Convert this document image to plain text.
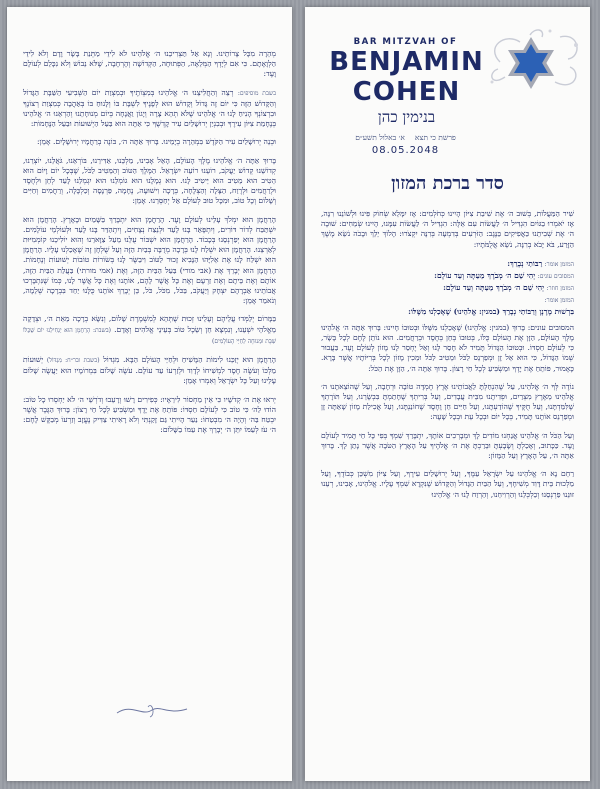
BAR MITZVAH OF
BENJAMIN
COHEN
בנימין כהן
פרשת כי תצא
א׳ באלול תשע״ם
08.05.2048
סדר ברכת המזון

שִׁיר הַמַּעֲלוֹת, בְּשׁוּב ה׳ אֶת שִׁיבַת צִיּוֹן הָיִינוּ כְּחֹלְמִים: אָז יִמָּלֵא שְׂחוֹק פִּינוּ וּלְשׁוֹנֵנוּ רִנָּה, אָז יֹאמְרוּ בַגּוֹיִם הִגְדִּיל ה׳ לַעֲשׂוֹת עִם אֵלֶּה: הִגְדִּיל ה׳ לַעֲשׂוֹת עִמָּנוּ, הָיִינוּ שְׂמֵחִים: שׁוּבָה ה׳ אֶת שְׁבִיתֵנוּ כַּאֲפִיקִים בַּנֶּגֶב: הַזֹּרְעִים בְּדִמְעָה בְּרִנָּה יִקְצֹרוּ: הָלוֹךְ יֵלֵךְ וּבָכֹה נֹשֵׂא מֶשֶׁךְ הַזָּרַע, בֹּא יָבֹא בְרִנָּה, נֹשֵׂא אֲלֻמֹּתָיו:

המזמן אומר: רַבּוֹתַי נְבָרֵךְ:
המסובים עונים: יְהִי שֵׁם ה׳ מְבֹרָךְ מֵעַתָּה וְעַד עוֹלָם:
המזמן חוזר: יְהִי שֵׁם ה׳ מְבֹרָךְ מֵעַתָּה וְעַד עוֹלָם:
המזמן אומר:
בִּרְשׁוּת מָרָנָן וְרַבּוֹתַי נְבָרֵךְ (במנין: אֱלֹהֵינוּ) שֶׁאָכַלְנוּ מִשֶּׁלּוֹ:

המסובים עונים: בָּרוּךְ (במנין: אֱלֹהֵינוּ) שֶׁאָכַלְנוּ מִשֶּׁלּוֹ וּבְטוּבוֹ חָיִינוּ: בָּרוּךְ אַתָּה ה׳ אֱלֹהֵינוּ מֶלֶךְ הָעוֹלָם, הַזָּן אֶת הָעוֹלָם כֻּלּוֹ, בְּטוּבוֹ בְּחֵן בְּחֶסֶד וּבְרַחֲמִים. הוּא נוֹתֵן לֶחֶם לְכָל בָּשָׂר, כִּי לְעוֹלָם חַסְדּוֹ. וּבְטוּבוֹ הַגָּדוֹל תָּמִיד לֹא חָסַר לָנוּ וְאַל יֶחְסַר לָנוּ מָזוֹן לְעוֹלָם וָעֶד, בַּעֲבוּר שְׁמוֹ הַגָּדוֹל, כִּי הוּא אֵל זָן וּמְפַרְנֵס לַכֹּל וּמֵטִיב לַכֹּל וּמֵכִין מָזוֹן לְכָל בְּרִיּוֹתָיו אֲשֶׁר בָּרָא. כָּאָמוּר, פּוֹתֵחַ אֶת יָדֶךָ וּמַשְׂבִּיעַ לְכָל חַי רָצוֹן. בָּרוּךְ אַתָּה ה׳, הַזָּן אֶת הַכֹּל:

נוֹדֶה לְּךָ ה׳ אֱלֹהֵינוּ, עַל שֶׁהִנְחַלְתָּ לַאֲבוֹתֵינוּ אֶרֶץ חֶמְדָּה טוֹבָה וּרְחָבָה, וְעַל שֶׁהוֹצֵאתָנוּ ה׳ אֱלֹהֵינוּ מֵאֶרֶץ מִצְרַיִם, וּפְדִיתָנוּ מִבֵּית עֲבָדִים, וְעַל בְּרִיתְךָ שֶׁחָתַמְתָּ בִּבְשָׂרֵנוּ, וְעַל תּוֹרָתְךָ שֶׁלִּמַּדְתָּנוּ, וְעַל חֻקֶּיךָ שֶׁהוֹדַעְתָּנוּ, וְעַל חַיִּים חֵן וָחֶסֶד שֶׁחוֹנַנְתָּנוּ, וְעַל אֲכִילַת מָזוֹן שָׁאַתָּה זָן וּמְפַרְנֵס אוֹתָנוּ תָּמִיד, בְּכָל יוֹם וּבְכָל עֵת וּבְכָל שָׁעָה:

וְעַל הַכֹּל ה׳ אֱלֹהֵינוּ אֲנַחְנוּ מוֹדִים לָךְ וּמְבָרְכִים אוֹתָךְ, יִתְבָּרַךְ שִׁמְךָ בְּפִי כָּל חַי תָּמִיד לְעוֹלָם וָעֶד. כַּכָּתוּב, וְאָכַלְתָּ וְשָׂבָעְתָּ וּבֵרַכְתָּ אֶת ה׳ אֱלֹהֶיךָ עַל הָאָרֶץ הַטֹּבָה אֲשֶׁר נָתַן לָךְ. בָּרוּךְ אַתָּה ה׳, עַל הָאָרֶץ וְעַל הַמָּזוֹן:

רַחֵם נָא ה׳ אֱלֹהֵינוּ עַל יִשְׂרָאֵל עַמֶּךָ, וְעַל יְרוּשָׁלַיִם עִירֶךָ, וְעַל צִיּוֹן מִשְׁכַּן כְּבוֹדֶךָ, וְעַל מַלְכוּת בֵּית דָּוִד מְשִׁיחֶךָ, וְעַל הַבַּיִת הַגָּדוֹל וְהַקָּדוֹשׁ שֶׁנִּקְרָא שִׁמְךָ עָלָיו. אֱלֹהֵינוּ, אָבִינוּ, רְעֵנוּ זוּנֵנוּ פַרְנְסֵנוּ וְכַלְכְּלֵנוּ וְהַרְוִיחֵנוּ, וְהַרְוַח לָנוּ ה׳ אֱלֹהֵינוּ

מְהֵרָה מִכָּל צָרוֹתֵינוּ. וְנָא אַל תַּצְרִיכֵנוּ ה׳ אֱלֹהֵינוּ לֹא לִידֵי מַתְּנַת בָּשָׂר וָדָם וְלֹא לִידֵי הַלְוָאָתָם. כִּי אִם לְיָדְךָ הַמְּלֵאָה, הַפְּתוּחָה, הַקְּדוֹשָׁה וְהָרְחָבָה, שֶׁלֹּא נֵבוֹשׁ וְלֹא נִכָּלֵם לְעוֹלָם וָעֶד:

בשבת מוסיפים: רְצֵה וְהַחֲלִיצֵנוּ ה׳ אֱלֹהֵינוּ בְּמִצְוֹתֶיךָ וּבְמִצְוַת יוֹם הַשְּׁבִיעִי הַשַּׁבָּת הַגָּדוֹל וְהַקָּדוֹשׁ הַזֶּה כִּי יוֹם זֶה גָּדוֹל וְקָדוֹשׁ הוּא לְפָנֶיךָ לִשְׁבָּת בּוֹ וְלָנוּחַ בּוֹ בְּאַהֲבָה כְּמִצְוַת רְצוֹנֶךָ וּבִרְצוֹנְךָ הָנִיחַ לָנוּ ה׳ אֱלֹהֵינוּ שֶׁלֹּא תְהֵא צָרָה וְיָגוֹן וַאֲנָחָה בְּיוֹם מְנוּחָתֵנוּ וְהַרְאֵנוּ ה׳ אֱלֹהֵינוּ בְּנֶחָמַת צִיּוֹן עִירֶךָ וּבְבִנְיַן יְרוּשָׁלַיִם עִיר קָדְשֶׁךָ כִּי אַתָּה הוּא בַּעַל הַיְשׁוּעוֹת וּבַעַל הַנֶּחָמוֹת:

וּבְנֵה יְרוּשָׁלַיִם עִיר הַקֹּדֶשׁ בִּמְהֵרָה בְיָמֵינוּ. בָּרוּךְ אַתָּה ה׳, בּוֹנֶה בְרַחֲמָיו יְרוּשָׁלָיִם. אָמֵן:

בָּרוּךְ אַתָּה ה׳ אֱלֹהֵינוּ מֶלֶךְ הָעוֹלָם, הָאֵל אָבִינוּ, מַלְכֵּנוּ, אַדִּירֵנוּ, בּוֹרְאֵנוּ, גֹּאֲלֵנוּ, יוֹצְרֵנוּ, קְדוֹשֵׁנוּ קְדוֹשׁ יַעֲקֹב, רוֹעֵנוּ רוֹעֵה יִשְׂרָאֵל. הַמֶּלֶךְ הַטּוֹב וְהַמֵּטִיב לַכֹּל, שֶׁבְּכָל יוֹם וָיוֹם הוּא הֵטִיב הוּא מֵטִיב הוּא יֵיטִיב לָנוּ. הוּא גְמָלָנוּ הוּא גוֹמְלֵנוּ הוּא יִגְמְלֵנוּ לָעַד לְחֵן וּלְחֶסֶד וּלְרַחֲמִים וּלְרֶוַח, הַצָּלָה וְהַצְלָחָה, בְּרָכָה וִישׁוּעָה, נֶחָמָה, פַּרְנָסָה וְכַלְכָּלָה, וְרַחֲמִים וְחַיִּים וְשָׁלוֹם וְכָל טוֹב, וּמִכָּל טוּב לְעוֹלָם אַל יְחַסְּרֵנוּ. אָמֵן:

הָרַחֲמָן הוּא יִמְלֹךְ עָלֵינוּ לְעוֹלָם וָעֶד. הָרַחֲמָן הוּא יִתְבָּרַךְ בַּשָּׁמַיִם וּבָאָרֶץ. הָרַחֲמָן הוּא יִשְׁתַּבַּח לְדוֹר דּוֹרִים, וְיִתְפָּאַר בָּנוּ לָעַד וּלְנֵצַח נְצָחִים, וְיִתְהַדַּר בָּנוּ לָעַד וּלְעוֹלְמֵי עוֹלָמִים. הָרַחֲמָן הוּא יְפַרְנְסֵנוּ בְּכָבוֹד. הָרַחֲמָן הוּא יִשְׁבּוֹר עֻלֵּנוּ מֵעַל צַוָּארֵנוּ וְהוּא יוֹלִיכֵנוּ קוֹמְמִיּוּת לְאַרְצֵנוּ. הָרַחֲמָן הוּא יִשְׁלַח לָנוּ בְּרָכָה מְרֻבָּה בְּבַיִת הַזֶּה וְעַל שֻׁלְחָן זֶה שֶׁאָכַלְנוּ עָלָיו. הָרַחֲמָן הוּא יִשְׁלַח לָנוּ אֶת אֵלִיָּהוּ הַנָּבִיא זָכוּר לַטּוֹב וִיבַשֶּׂר לָנוּ בְּשׂוֹרוֹת טוֹבוֹת יְשׁוּעוֹת וְנֶחָמוֹת. הָרַחֲמָן הוּא יְבָרֵךְ אֶת (אבי מורי) בַּעַל הַבַּיִת הַזֶּה, וְאֶת (אמי מורתי) בַּעֲלַת הַבַּיִת הַזֶּה, אוֹתָם וְאֶת בֵּיתָם וְאֶת זַרְעָם וְאֶת כָּל אֲשֶׁר לָהֶם, אוֹתָנוּ וְאֶת כָּל אֲשֶׁר לָנוּ, כְּמוֹ שֶׁנִּתְבָּרְכוּ אֲבוֹתֵינוּ אַבְרָהָם יִצְחָק וְיַעֲקֹב, בַּכֹּל, מִכֹּל, כֹּל, כֵּן יְבָרֵךְ אוֹתָנוּ כֻּלָּנוּ יַחַד בִּבְרָכָה שְׁלֵמָה, וְנֹאמַר אָמֵן:

בַּמָּרוֹם יְלַמְּדוּ עֲלֵיהֶם וְעָלֵינוּ זְכוּת שֶׁתְּהֵא לְמִשְׁמֶרֶת שָׁלוֹם, וְנִשָּׂא בְרָכָה מֵאֵת ה׳, וּצְדָקָה מֵאֱלֹהֵי יִשְׁעֵנוּ, וְנִמְצָא חֵן וְשֵׂכֶל טוֹב בְּעֵינֵי אֱלֹהִים וְאָדָם. (בשבת: הָרַחֲמָן הוּא יַנְחִילֵנוּ יוֹם שֶׁכֻּלּוֹ שַׁבָּת וּמְנוּחָה לְחַיֵּי הָעוֹלָמִים)

הָרַחֲמָן הוּא יְזַכֵּנוּ לִימוֹת הַמָּשִׁיחַ וּלְחַיֵּי הָעוֹלָם הַבָּא. מִגְדּוֹל (בשבת ובר״ח: מִגְדּוֹל) יְשׁוּעוֹת מַלְכּוֹ וְעֹשֶׂה חֶסֶד לִמְשִׁיחוֹ לְדָוִד וּלְזַרְעוֹ עַד עוֹלָם. עֹשֶׂה שָׁלוֹם בִּמְרוֹמָיו הוּא יַעֲשֶׂה שָׁלוֹם עָלֵינוּ וְעַל כָּל יִשְׂרָאֵל וְאִמְרוּ אָמֵן:

יְראוּ אֶת ה׳ קְדֹשָׁיו כִּי אֵין מַחְסוֹר לִירֵאָיו: כְּפִירִים רָשׁוּ וְרָעֵבוּ וְדֹרְשֵׁי ה׳ לֹא יַחְסְרוּ כָל טוֹב: הוֹדוּ לַה׳ כִּי טוֹב כִּי לְעוֹלָם חַסְדּוֹ: פּוֹתֵחַ אֶת יָדֶךָ וּמַשְׂבִּיעַ לְכָל חַי רָצוֹן: בָּרוּךְ הַגֶּבֶר אֲשֶׁר יִבְטַח בַּה׳ וְהָיָה ה׳ מִבְטַחוֹ: נַעַר הָיִיתִי גַּם זָקַנְתִּי וְלֹא רָאִיתִי צַדִּיק נֶעֱזָב וְזַרְעוֹ מְבַקֶּשׁ לָחֶם: ה׳ עֹז לְעַמּוֹ יִתֵּן ה׳ יְבָרֵךְ אֶת עַמּוֹ בַשָּׁלוֹם:
